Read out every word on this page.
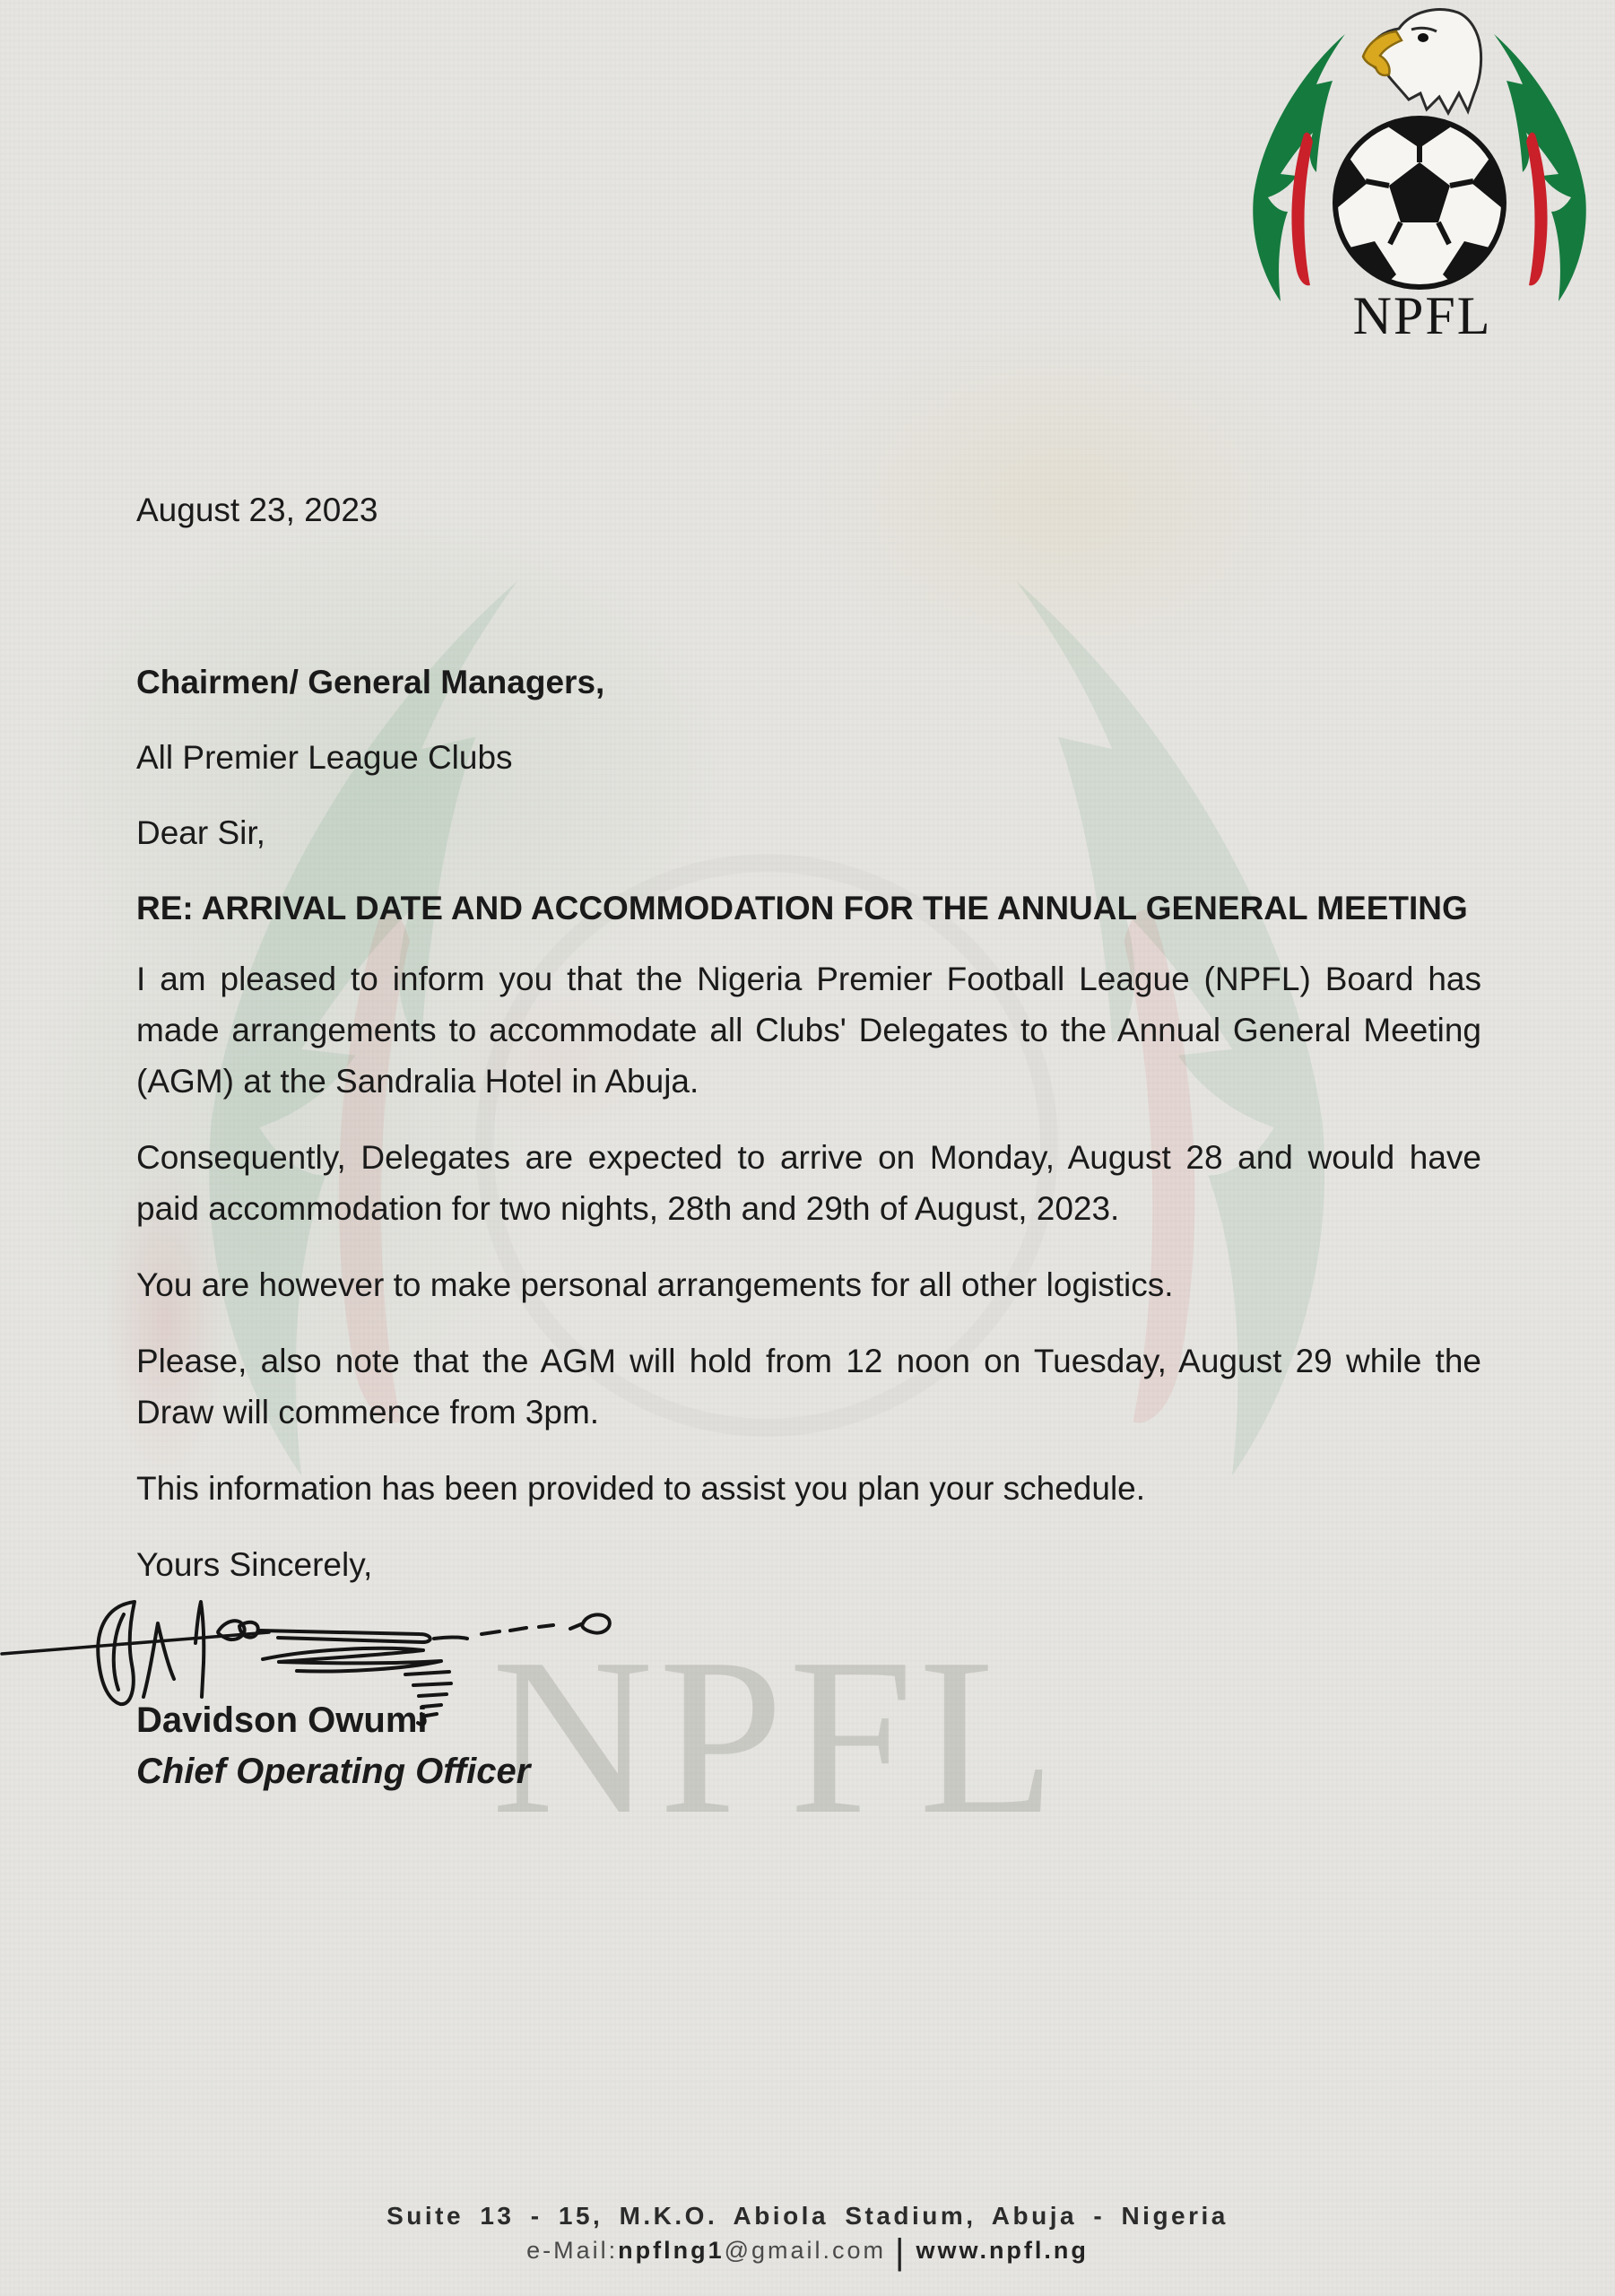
NPFL
NPFL

August 23, 2023

Chairmen/ General Managers,

All Premier League Clubs

Dear Sir,

RE: ARRIVAL DATE AND ACCOMMODATION FOR THE ANNUAL GENERAL MEETING

I am pleased to inform you that the Nigeria Premier Football League (NPFL) Board has made arrangements to accommodate all Clubs' Delegates to the Annual General Meeting (AGM) at the Sandralia Hotel in Abuja.

Consequently, Delegates are expected to arrive on Monday, August 28 and would have paid accommodation for two nights, 28th and 29th of August, 2023.

You are however to make personal arrangements for all other logistics.

Please, also note that the AGM will hold from 12 noon on Tuesday, August 29 while the Draw will commence from 3pm.

This information has been provided to assist you plan your schedule.

Yours Sincerely,

Davidson Owumi

Chief Operating Officer

Suite 13 - 15, M.K.O. Abiola Stadium, Abuja - Nigeria
e-Mail:npflng1@gmail.com | www.npfl.ng
